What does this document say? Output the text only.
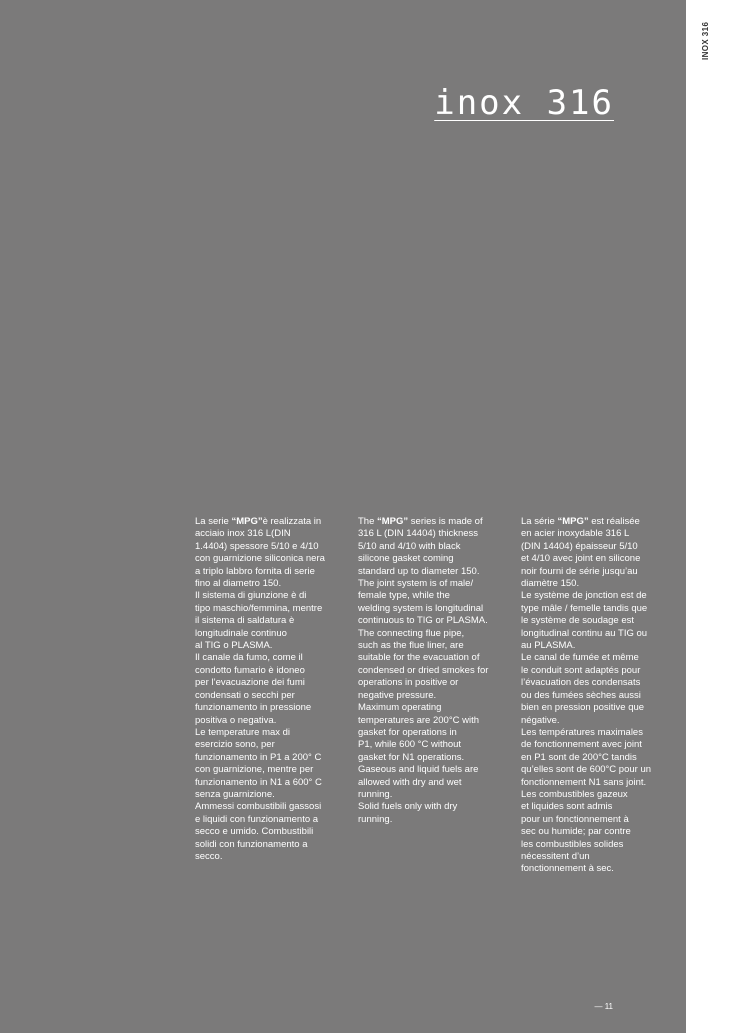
inox 316
La serie “MPG”è realizzata in
acciaio inox 316 L(DIN
1.4404) spessore 5/10 e 4/10
con guarnizione siliconica nera
a triplo labbro fornita di serie
fino al diametro 150.
Il sistema di giunzione è di
tipo maschio/femmina, mentre
il sistema di saldatura è
longitudinale continuo
al TIG o PLASMA.
Il canale da fumo, come il
condotto fumario è idoneo
per l’evacuazione dei fumi
condensati o secchi per
funzionamento in pressione
positiva o negativa.
Le temperature max di
esercizio sono, per
funzionamento in P1 a 200° C
con guarnizione, mentre per
funzionamento in N1 a 600° C
senza guarnizione.
Ammessi combustibili gassosi
e liquidi con funzionamento a
secco e umido. Combustibili
solidi con funzionamento a
secco.
The “MPG” series is made of
316 L (DIN 14404) thickness
5/10 and 4/10 with black
silicone gasket coming
standard up to diameter 150.
The joint system is of male/
female type, while the
welding system is longitudinal
continuous to TIG or PLASMA.
The connecting flue pipe,
such as the flue liner, are
suitable for the evacuation of
condensed or dried smokes for
operations in positive or
negative pressure.
Maximum operating
temperatures are 200°C with
gasket for operations in
P1, while 600 °C without
gasket for N1 operations.
Gaseous and liquid fuels are
allowed with dry and wet
running.
Solid fuels only with dry
running.
La série “MPG” est réalisée
en acier inoxydable 316 L
(DIN 14404) épaisseur 5/10
et 4/10 avec joint en silicone
noir fourni de série jusqu’au
diamètre 150.
Le système de jonction est de
type mâle / femelle tandis que
le système de soudage est
longitudinal continu au TIG ou
au PLASMA.
Le canal de fumée et même
le conduit sont adaptés pour
l’évacuation des condensats
ou des fumées sèches aussi
bien en pression positive que
négative.
Les températures maximales
de fonctionnement avec joint
en P1 sont de 200°C tandis
qu’elles sont de 600°C pour un
fonctionnement N1 sans joint.
Les combustibles gazeux
et liquides sont admis
pour un fonctionnement à
sec ou humide; par contre
les combustibles solides
nécessitent d’un
fonctionnement à sec.
— 11
INOX 316
